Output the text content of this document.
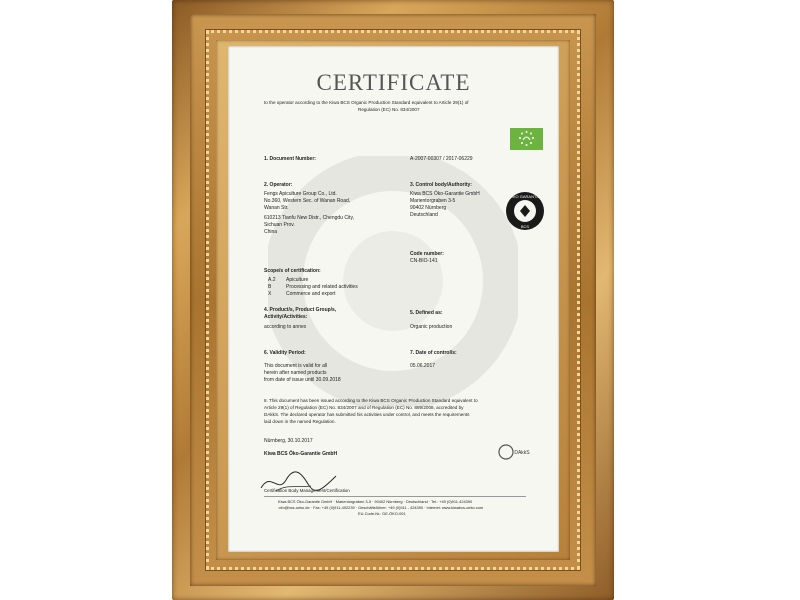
CERTIFICATE
to the operator according to the Kiwa BCS Organic Production Standard equivalent to Article 29(1) of
Regulation (EC) No. 834/2007
1. Document Number:	A-2007-00307 / 2017-06229
2. Operator:
Fengs Apiculture Group Co., Ltd.
No.360, Western Sec. of Wanan Road,
Wanan Str.
610213 Tianfu New Distr., Chengdu City,
Sichuan Prov.
China
3. Control body/Authority:
Kiwa BCS Öko-Garantie GmbH
Marientorgraben 3-5
90402 Nürnberg
Deutschland
ÖKO GARANTIE
BCS
Code number:
CN-BIO-141
Scope/s of certification:
A.2 Apiculture
B	Processing and related activities
X	Commerce and export
4. Product/s, Product Group/s,
Activity/Activities:
according to annex
5. Defined as:
Organic production
6. Validity Period:
This document is valid for all
herein after named products
from date of issue until 30.09.2018
7. Date of control/s:
05.06.2017
8. This document has been issued according to the Kiwa BCS Organic Production Standard equivalent to
Article 29(1) of Regulation (EC) No. 834/2007 and of Regulation (EC) No. 889/2008, accredited by
DAkkS. The declared operator has submitted his activities under control, and meets the requirements
laid down in the named Regulation.
Nürnberg, 30.10.2017
Kiwa BCS Öko-Garantie GmbH	DAkkS
Certification Body Management/Certification
Kiwa BCS Öko-Garantie GmbH · Marientorgraben 3-5 · 90402 Nürnberg · Deutschland · Tel.: +49 (0)911-424390
:nfo@bcs-oeko.de · Fax: +49 (0)911-492239 · Geschäftsführer: +49 (0)911 - 424390 · Internet: www.kiwabcs-oeko.com
EU-Code-Nr.: DE-ÖKO-001
